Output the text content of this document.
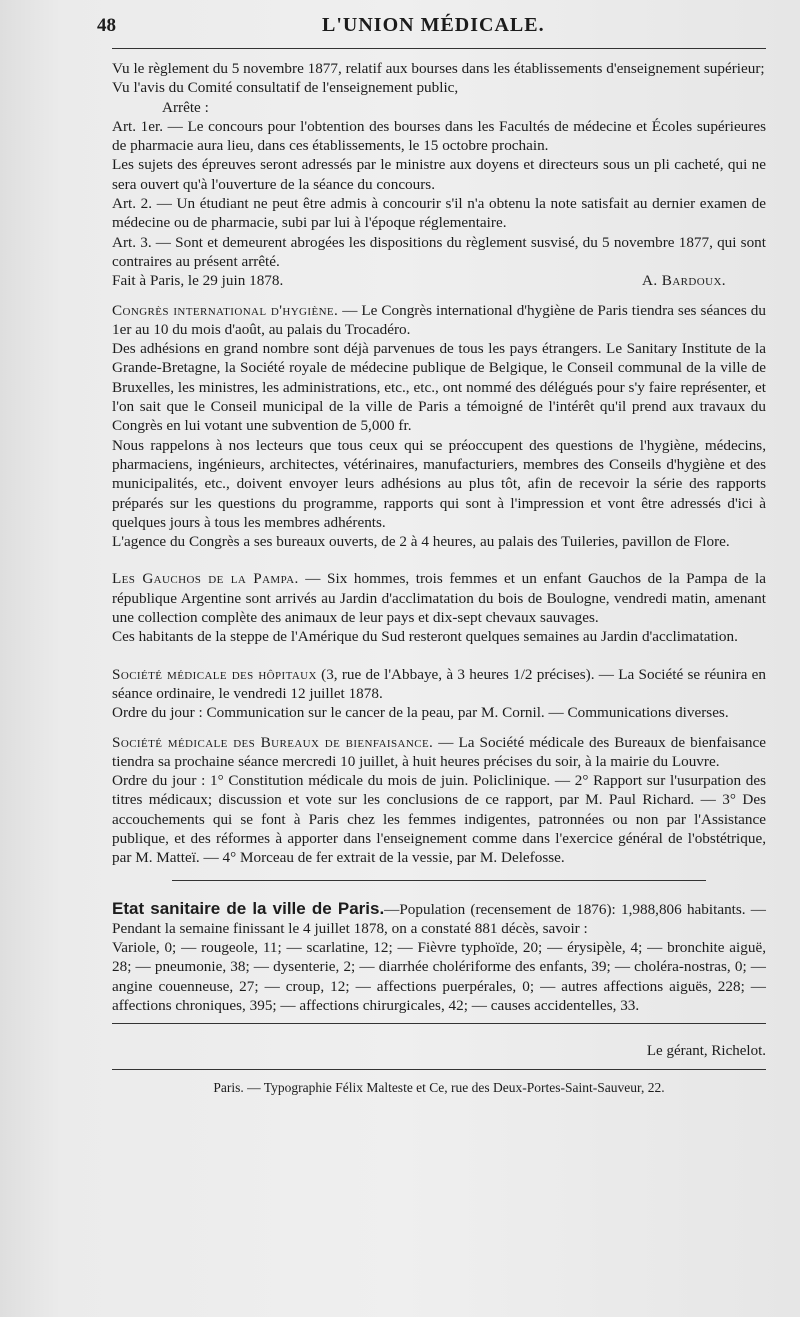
48	L'UNION MÉDICALE.

Vu le règlement du 5 novembre 1877, relatif aux bourses dans les établissements d'enseignement supérieur;

Vu l'avis du Comité consultatif de l'enseignement public,

Arrête :

Art. 1er. — Le concours pour l'obtention des bourses dans les Facultés de médecine et Écoles supérieures de pharmacie aura lieu, dans ces établissements, le 15 octobre prochain.

Les sujets des épreuves seront adressés par le ministre aux doyens et directeurs sous un pli cacheté, qui ne sera ouvert qu'à l'ouverture de la séance du concours.

Art. 2. — Un étudiant ne peut être admis à concourir s'il n'a obtenu la note satisfait au dernier examen de médecine ou de pharmacie, subi par lui à l'époque réglementaire.

Art. 3. — Sont et demeurent abrogées les dispositions du règlement susvisé, du 5 novembre 1877, qui sont contraires au présent arrêté.

Fait à Paris, le 29 juin 1878.	A. Bardoux.

Congrès international d'hygiène. — Le Congrès international d'hygiène de Paris tiendra ses séances du 1er au 10 du mois d'août, au palais du Trocadéro.

Des adhésions en grand nombre sont déjà parvenues de tous les pays étrangers. Le Sanitary Institute de la Grande-Bretagne, la Société royale de médecine publique de Belgique, le Conseil communal de la ville de Bruxelles, les ministres, les administrations, etc., etc., ont nommé des délégués pour s'y faire représenter, et l'on sait que le Conseil municipal de la ville de Paris a témoigné de l'intérêt qu'il prend aux travaux du Congrès en lui votant une subvention de 5,000 fr.

Nous rappelons à nos lecteurs que tous ceux qui se préoccupent des questions de l'hygiène, médecins, pharmaciens, ingénieurs, architectes, vétérinaires, manufacturiers, membres des Conseils d'hygiène et des municipalités, etc., doivent envoyer leurs adhésions au plus tôt, afin de recevoir la série des rapports préparés sur les questions du programme, rapports qui sont à l'impression et vont être adressés d'ici à quelques jours à tous les membres adhérents.

L'agence du Congrès a ses bureaux ouverts, de 2 à 4 heures, au palais des Tuileries, pavillon de Flore.

Les Gauchos de la Pampa. — Six hommes, trois femmes et un enfant Gauchos de la Pampa de la république Argentine sont arrivés au Jardin d'acclimatation du bois de Boulogne, vendredi matin, amenant une collection complète des animaux de leur pays et dix-sept chevaux sauvages.

Ces habitants de la steppe de l'Amérique du Sud resteront quelques semaines au Jardin d'acclimatation.

Société médicale des hôpitaux (3, rue de l'Abbaye, à 3 heures 1/2 précises). — La Société se réunira en séance ordinaire, le vendredi 12 juillet 1878.

Ordre du jour : Communication sur le cancer de la peau, par M. Cornil. — Communications diverses.

Société médicale des Bureaux de bienfaisance. — La Société médicale des Bureaux de bienfaisance tiendra sa prochaine séance mercredi 10 juillet, à huit heures précises du soir, à la mairie du Louvre.

Ordre du jour : 1° Constitution médicale du mois de juin. Policlinique. — 2° Rapport sur l'usurpation des titres médicaux; discussion et vote sur les conclusions de ce rapport, par M. Paul Richard. — 3° Des accouchements qui se font à Paris chez les femmes indigentes, patronnées ou non par l'Assistance publique, et des réformes à apporter dans l'enseignement comme dans l'exercice général de l'obstétrique, par M. Matteï. — 4° Morceau de fer extrait de la vessie, par M. Delefosse.

Etat sanitaire de la ville de Paris.—Population (recensement de 1876): 1,988,806 habitants. — Pendant la semaine finissant le 4 juillet 1878, on a constaté 881 décès, savoir :

Variole, 0; — rougeole, 11; — scarlatine, 12; — Fièvre typhoïde, 20; — érysipèle, 4; — bronchite aiguë, 28; — pneumonie, 38; — dysenterie, 2; — diarrhée cholériforme des enfants, 39; — choléra-nostras, 0; — angine couenneuse, 27; — croup, 12; — affections puerpérales, 0; — autres affections aiguës, 228; — affections chroniques, 395; — affections chirurgicales, 42; — causes accidentelles, 33.

Le gérant, Richelot.
Paris. — Typographie Félix Malteste et Ce, rue des Deux-Portes-Saint-Sauveur, 22.
